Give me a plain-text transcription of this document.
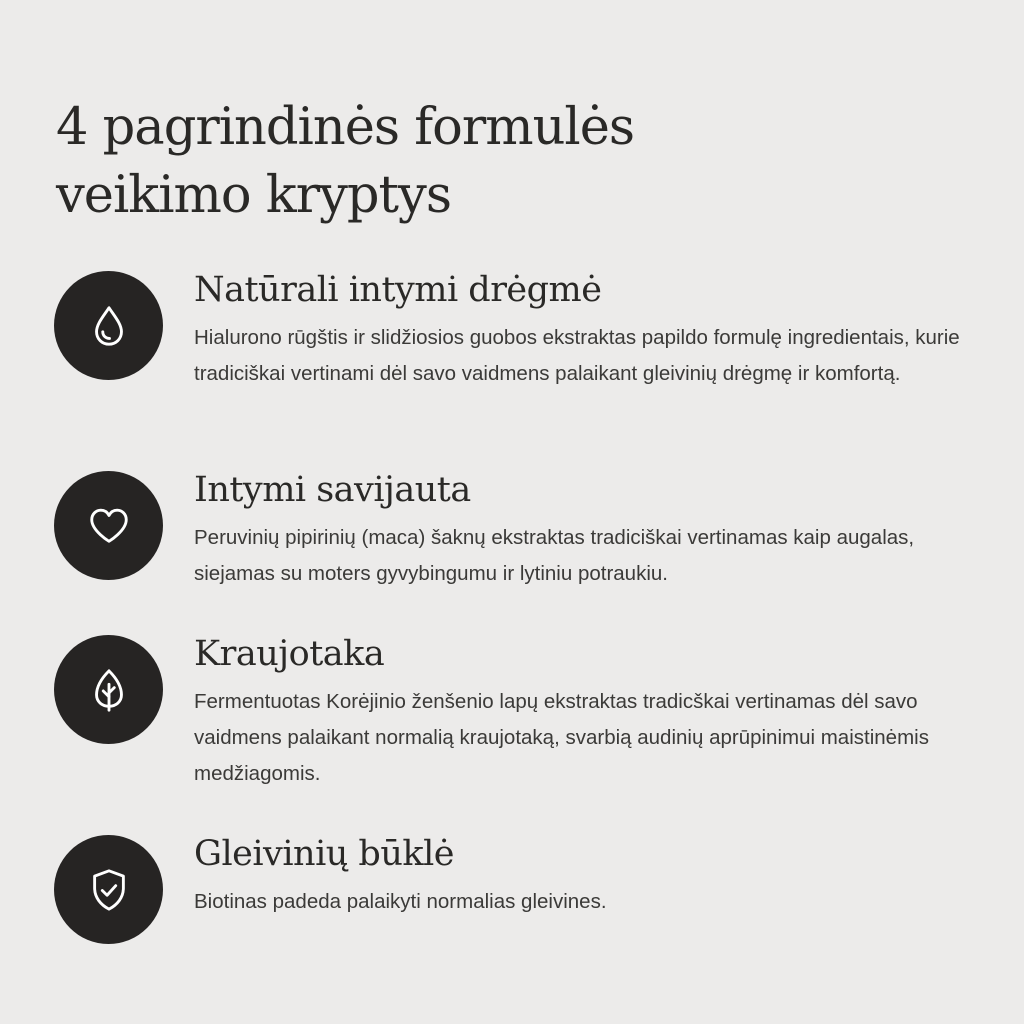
4 pagrindinės formulės
veikimo kryptys
Natūrali intymi drėgmė

Hialurono rūgštis ir slidžiosios guobos ekstraktas papildo formulę ingredientais, kurie tradiciškai vertinami dėl savo vaidmens palaikant gleivinių drėgmę ir komfortą.

Intymi savijauta

Peruvinių pipirinių (maca) šaknų ekstraktas tradiciškai vertinamas kaip augalas, siejamas su moters gyvybingumu ir lytiniu potraukiu.

Kraujotaka

Fermentuotas Korėjinio ženšenio lapų ekstraktas tradicškai vertinamas dėl savo vaidmens palaikant normalią kraujotaką, svarbią audinių aprūpinimui maistinėmis medžiagomis.

Gleivinių būklė

Biotinas padeda palaikyti normalias gleivines.
